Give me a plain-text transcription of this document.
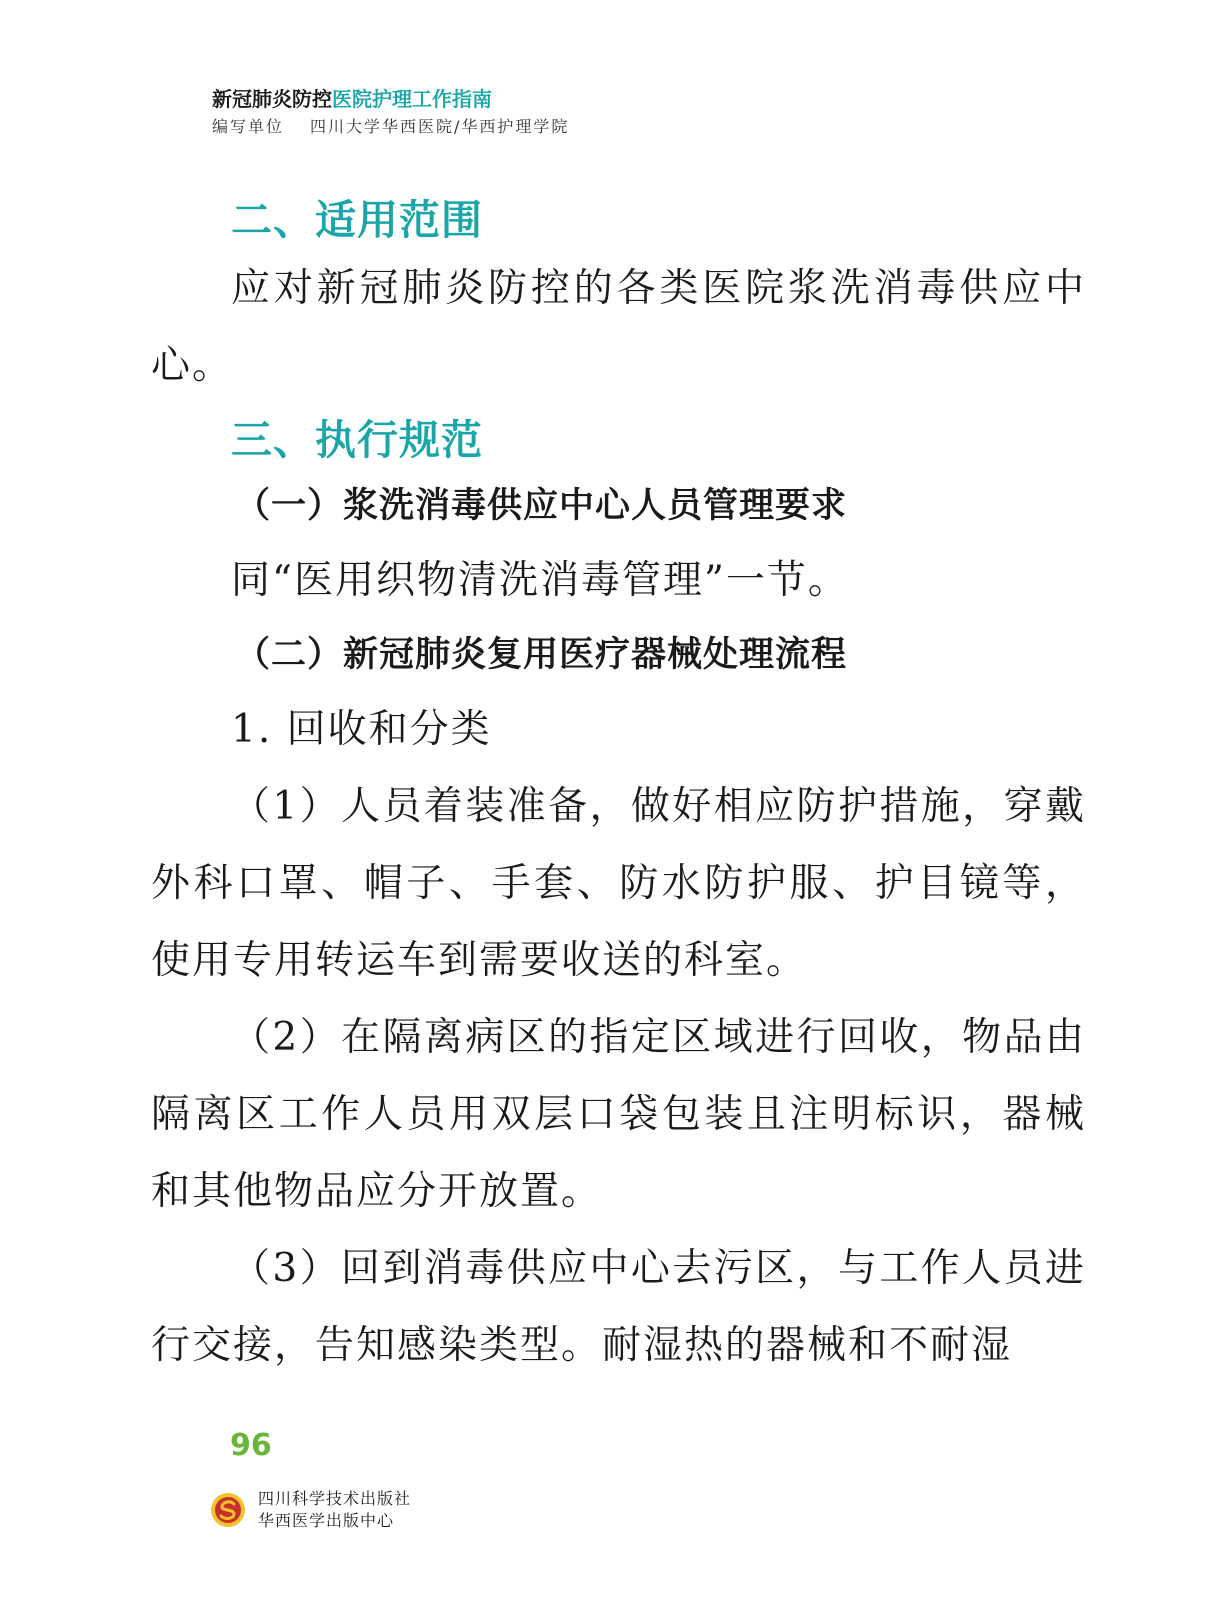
新冠肺炎防控医院护理工作指南
编写单位 四川大学华西医院/华西护理学院
二、适用范围

应对新冠肺炎防控的各类医院浆洗消毒供应中心。

三、执行规范

（一）浆洗消毒供应中心人员管理要求

同“医用织物清洗消毒管理”一节。

（二）新冠肺炎复用医疗器械处理流程

1. 回收和分类

（1）人员着装准备，做好相应防护措施，穿戴外科口罩、帽子、手套、防水防护服、护目镜等，使用专用转运车到需要收送的科室。

（2）在隔离病区的指定区域进行回收，物品由隔离区工作人员用双层口袋包装且注明标识，器械和其他物品应分开放置。

（3）回到消毒供应中心去污区，与工作人员进行交接，告知感染类型。耐湿热的器械和不耐湿

96
四川科学技术出版社
华西医学出版中心
